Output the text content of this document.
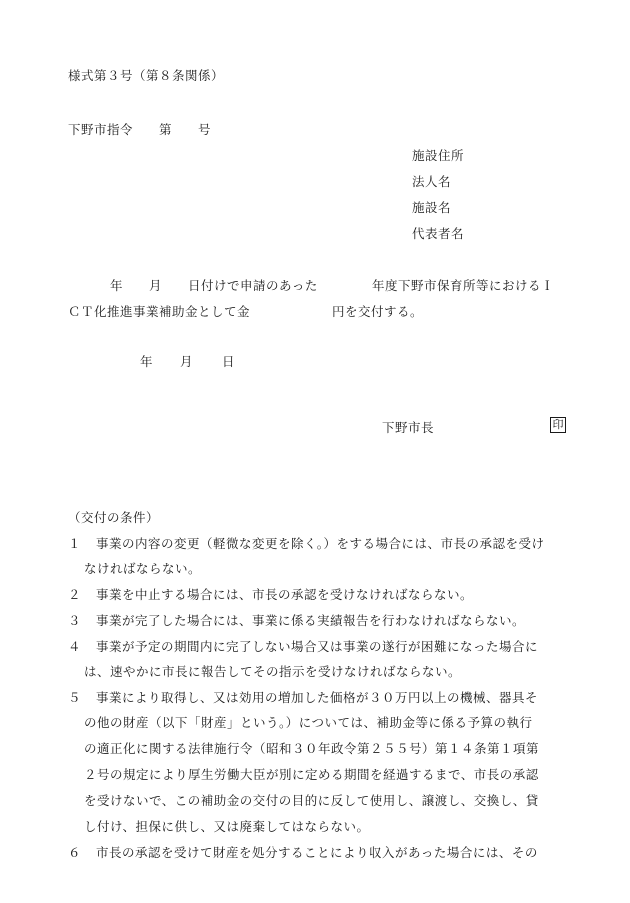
様式第３号（第８条関係）
下野市指令　　第　　号
施設住所
法人名
施設名
代表者名
年　　月　　日付けで申請のあった	年度下野市保育所等におけるＩ
ＣＴ化推進事業補助金として金	円を交付する。
年 月 日
下野市長	印
（交付の条件）
１ 事業の内容の変更（軽微な変更を除く。）をする場合には、市長の承認を受け
なければならない。
２ 事業を中止する場合には、市長の承認を受けなければならない。
３ 事業が完了した場合には、事業に係る実績報告を行わなければならない。
４ 事業が予定の期間内に完了しない場合又は事業の遂行が困難になった場合に
は、速やかに市長に報告してその指示を受けなければならない。
５ 事業により取得し、又は効用の増加した価格が３０万円以上の機械、器具そ
の他の財産（以下「財産」という。）については、補助金等に係る予算の執行
の適正化に関する法律施行令（昭和３０年政令第２５５号）第１４条第１項第
２号の規定により厚生労働大臣が別に定める期間を経過するまで、市長の承認
を受けないで、この補助金の交付の目的に反して使用し、譲渡し、交換し、貸
し付け、担保に供し、又は廃棄してはならない。
６ 市長の承認を受けて財産を処分することにより収入があった場合には、その
